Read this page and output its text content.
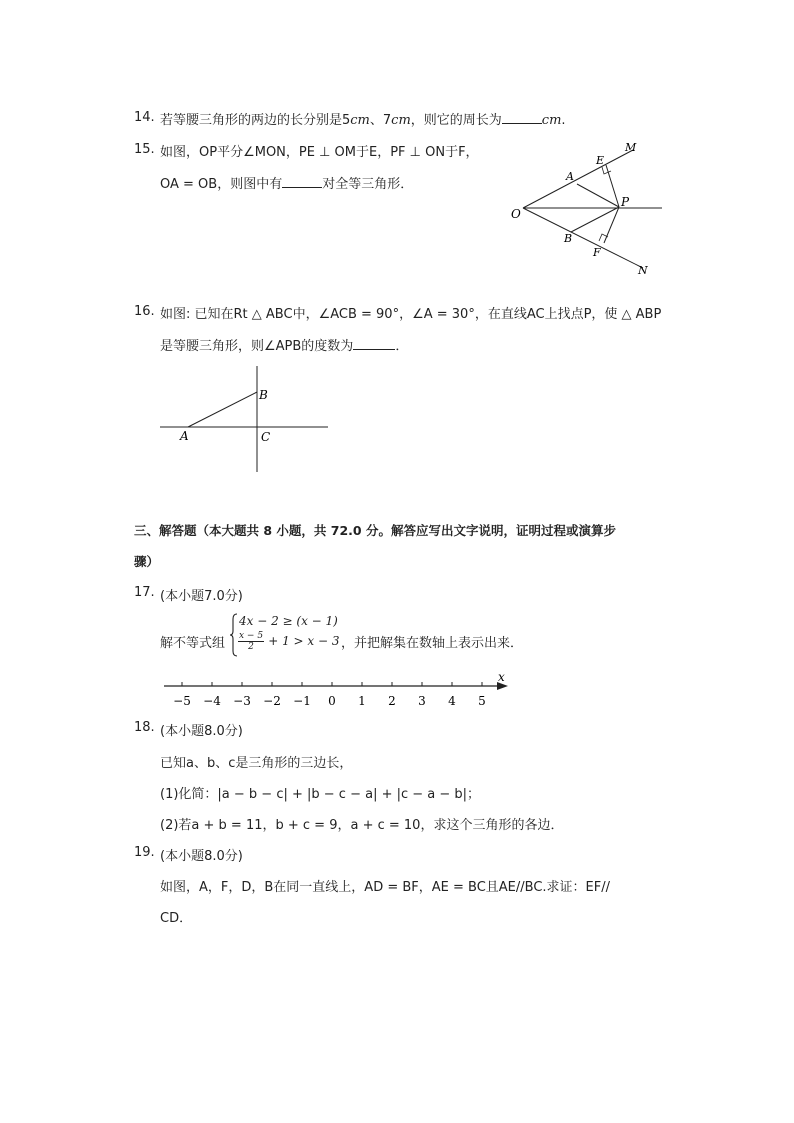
14. 若等腰三角形的两边的长分别是5cm、7cm，则它的周长为	cm.
15. 如图，OP平分∠MON，PE ⊥ OM于E，PF ⊥ ON于F，
OA = OB，则图中有	对全等三角形．
O
A
E
M
P
B
F
N
16. 如图: 已知在Rt △ ABC中，∠ACB = 90°，∠A = 30°，在直线AC上找点P，使 △ ABP
是等腰三角形，则∠APB的度数为	．
A
B
C
三、解答题（本大题共 8 小题，共 72.0 分。解答应写出文字说明，证明过程或演算步
骤）
17. (本小题7.0分)
解不等式组
4x − 2 ≥ (x − 1)
$\frac{x - 5}{2} + 1 > x - 3$ ，并把解集在数轴上表示出来．
x
−5 −4 −3 −2 −1 0 1 2 3 4 5
18. (本小题8.0分)
已知a、b、c是三角形的三边长，
(1)化简：|a − b − c| + |b − c − a| + |c − a − b|；
(2)若a + b = 11，b + c = 9，a + c = 10，求这个三角形的各边．
19. (本小题8.0分)
如图，A，F，D，B在同一直线上，AD = BF，AE = BC且AE//BC.求证：EF//
CD．
